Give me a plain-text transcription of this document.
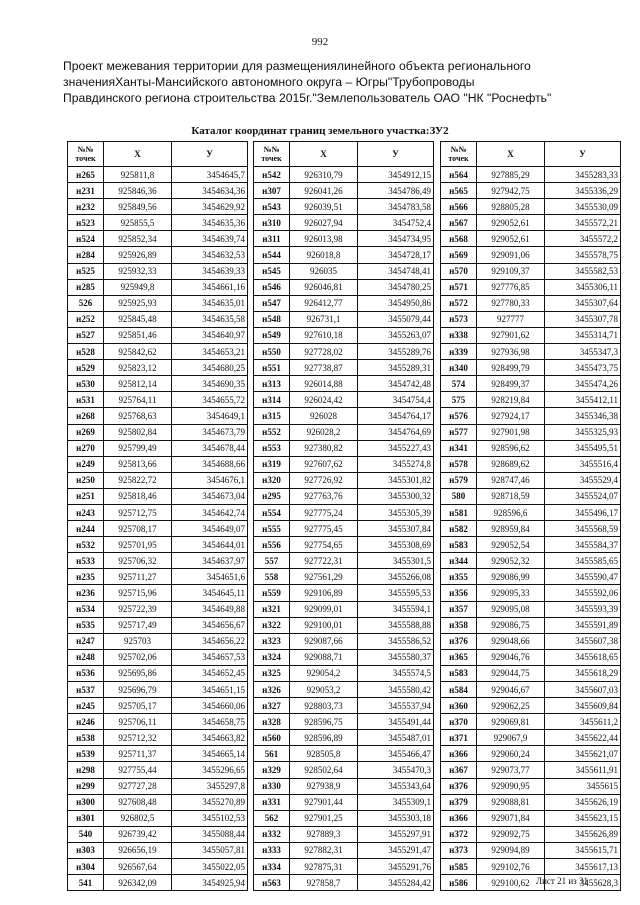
992
Проект межевания территории для размещениялинейного объекта регионального
значенияХанты-Мансийского автономного округа – Югры"Трубопроводы
Правдинского региона строительства 2015г."Землепользователь ОАО "НК "Роснефть"
Каталог координат границ земельного участка:ЗУ2
№№
точек	X	У
н265	925811,8	3454645,7
н231	925846,36	3454634,36
н232	925849,56	3454629,92
н523	925855,5	3454635,36
н524	925852,34	3454639,74
н284	925926,89	3454632,53
н525	925932,33	3454639,33
н285	925949,8	3454661,16
526	925925,93	3454635,01
н252	925845,48	3454635,58
н527	925851,46	3454640,97
н528	925842,62	3454653,21
н529	925823,12	3454680,25
н530	925812,14	3454690,35
н531	925764,11	3454655,72
н268	925768,63	3454649,1
н269	925802,84	3454673,79
н270	925799,49	3454678,44
н249	925813,66	3454688,66
н250	925822,72	3454676,1
н251	925818,46	3454673,04
н243	925712,75	3454642,74
н244	925708,17	3454649,07
н532	925701,95	3454644,01
н533	925706,32	3454637,97
н235	925711,27	3454651,6
н236	925715,96	3454645,11
н534	925722,39	3454649,88
н535	925717,49	3454656,67
н247	925703	3454656,22
н248	925702,06	3454657,53
н536	925695,86	3454652,45
н537	925696,79	3454651,15
н245	925705,17	3454660,06
н246	925706,11	3454658,75
н538	925712,32	3454663,82
н539	925711,37	3454665,14
н298	927755,44	3455296,65
н299	927727,28	3455297,8
н300	927608,48	3455270,89
н301	926802,5	3455102,53
540	926739,42	3455088,44
н303	926656,19	3455057,81
н304	926567,64	3455022,05
541	926342,09	3454925,94
№№
точек	X	У
н542	926310,79	3454912,15
н307	926041,26	3454786,49
н543	926039,51	3454783,58
н310	926027,94	3454752,4
н311	926013,98	3454734,95
н544	926018,8	3454728,17
н545	926035	3454748,41
н546	926046,81	3454780,25
н547	926412,77	3454950,86
н548	926731,1	3455079,44
н549	927610,18	3455263,07
н550	927728,02	3455289,76
н551	927738,87	3455289,31
н313	926014,88	3454742,48
н314	926024,42	3454754,4
н315	926028	3454764,17
н552	926028,2	3454764,69
н553	927380,82	3455227,43
н319	927607,62	3455274,8
н320	927726,92	3455301,82
н295	927763,76	3455300,32
н554	927775,24	3455305,39
н555	927775,45	3455307,84
н556	927754,65	3455308,69
557	927722,31	3455301,5
558	927561,29	3455266,08
н559	929106,89	3455595,53
н321	929099,01	3455594,1
н322	929100,01	3455588,88
н323	929087,66	3455586,52
н324	929088,71	3455580,37
н325	929054,2	3455574,5
н326	929053,2	3455580,42
н327	928803,73	3455537,94
н328	928596,75	3455491,44
н560	928596,89	3455487,01
561	928505,8	3455466,47
н329	928502,64	3455470,3
н330	927938,9	3455343,64
н331	927901,44	3455309,1
562	927901,25	3455303,18
н332	927889,3	3455297,91
н333	927882,31	3455291,47
н334	927875,31	3455291,76
н563	927858,7	3455284,42
№№
точек	X	У
н564	927885,29	3455283,33
н565	927942,75	3455336,29
н566	928805,28	3455530,09
н567	929052,61	3455572,21
н568	929052,61	3455572,2
н569	929091,06	3455578,75
н570	929109,37	3455582,53
н571	927776,85	3455306,11
н572	927780,33	3455307,64
н573	927777	3455307,78
н338	927901,62	3455314,71
н339	927936,98	3455347,3
н340	928499,79	3455473,75
574	928499,37	3455474,26
575	928219,84	3455412,11
н576	927924,17	3455346,38
н577	927901,98	3455325,93
н341	928596,62	3455495,51
н578	928689,62	3455516,4
н579	928747,46	3455529,4
580	928718,59	3455524,07
н581	928596,6	3455496,17
н582	928959,84	3455568,59
н583	929052,54	3455584,37
н344	929052,32	3455585,65
н355	929086,99	3455590,47
н356	929095,33	3455592,06
н357	929095,08	3455593,39
н358	929086,75	3455591,89
н376	929048,66	3455607,38
н365	929046,76	3455618,65
н583	929044,75	3455618,29
н584	929046,67	3455607,03
н360	929062,25	3455609,84
н370	929069,81	3455611,2
н371	929067,9	3455622,44
н366	929060,24	3455621,07
н367	929073,77	3455611,91
н376	929090,95	3455615
н379	929088,81	3455626,19
н366	929071,84	3455623,15
н372	929092,75	3455626,89
н373	929094,89	3455615,71
н585	929102,76	3455617,13
н586	929100,62	3455628,3
Лист 21 из 31
